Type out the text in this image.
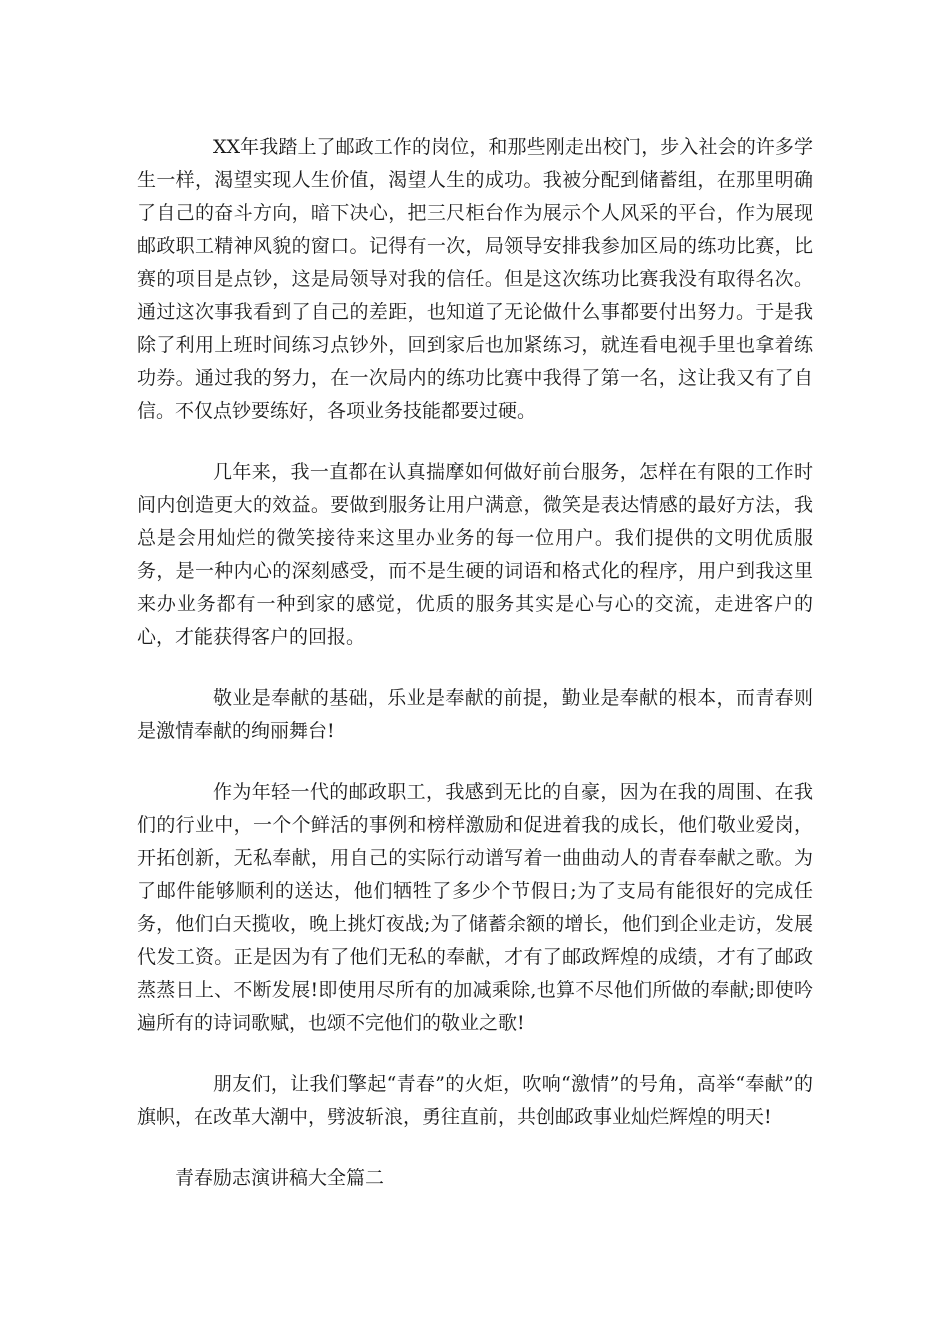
XX年我踏上了邮政工作的岗位，和那些刚走出校门，步入社会的许多学生一样，渴望实现人生价值，渴望人生的成功。我被分配到储蓄组，在那里明确了自己的奋斗方向，暗下决心，把三尺柜台作为展示个人风采的平台，作为展现邮政职工精神风貌的窗口。记得有一次，局领导安排我参加区局的练功比赛，比赛的项目是点钞，这是局领导对我的信任。但是这次练功比赛我没有取得名次。通过这次事我看到了自己的差距，也知道了无论做什么事都要付出努力。于是我除了利用上班时间练习点钞外，回到家后也加紧练习，就连看电视手里也拿着练功券。通过我的努力，在一次局内的练功比赛中我得了第一名，这让我又有了自信。不仅点钞要练好，各项业务技能都要过硬。

几年来，我一直都在认真揣摩如何做好前台服务，怎样在有限的工作时间内创造更大的效益。要做到服务让用户满意，微笑是表达情感的最好方法，我总是会用灿烂的微笑接待来这里办业务的每一位用户。我们提供的文明优质服务，是一种内心的深刻感受，而不是生硬的词语和格式化的程序，用户到我这里来办业务都有一种到家的感觉，优质的服务其实是心与心的交流，走进客户的心，才能获得客户的回报。

敬业是奉献的基础，乐业是奉献的前提，勤业是奉献的根本，而青春则是激情奉献的绚丽舞台!

作为年轻一代的邮政职工，我感到无比的自豪，因为在我的周围、在我们的行业中，一个个鲜活的事例和榜样激励和促进着我的成长，他们敬业爱岗，开拓创新，无私奉献，用自己的实际行动谱写着一曲曲动人的青春奉献之歌。为了邮件能够顺利的送达，他们牺牲了多少个节假日;为了支局有能很好的完成任务，他们白天揽收，晚上挑灯夜战;为了储蓄余额的增长，他们到企业走访，发展代发工资。正是因为有了他们无私的奉献，才有了邮政辉煌的成绩，才有了邮政蒸蒸日上、不断发展!即使用尽所有的加减乘除,也算不尽他们所做的奉献;即使吟遍所有的诗词歌赋，也颂不完他们的敬业之歌!

朋友们，让我们擎起“青春”的火炬，吹响“激情”的号角，高举“奉献”的旗帜，在改革大潮中，劈波斩浪，勇往直前，共创邮政事业灿烂辉煌的明天!

青春励志演讲稿大全篇二
